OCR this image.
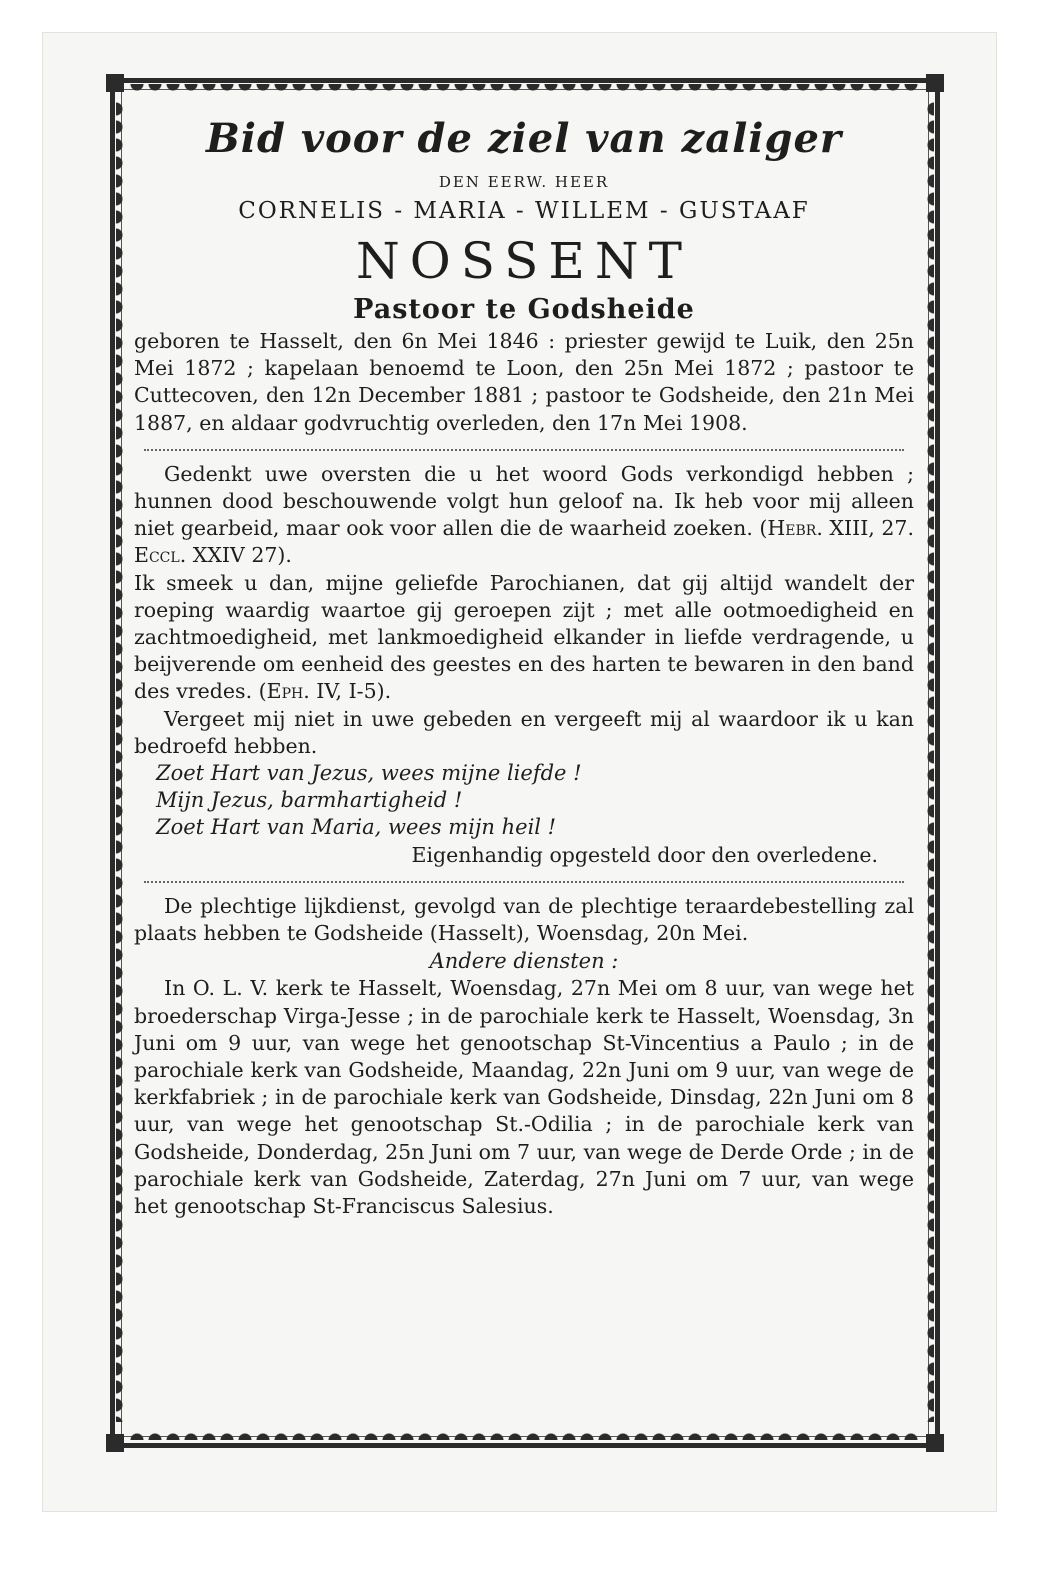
Bid voor de ziel van zaliger
DEN EERW. HEER
CORNELIS - MARIA - WILLEM - GUSTAAF
NOSSENT
Pastoor te Godsheide

geboren te Hasselt, den 6n Mei 1846 : priester gewijd te Luik, den 25n Mei 1872 ; kapelaan benoemd te Loon, den 25n Mei 1872 ; pastoor te Cuttecoven, den 12n December 1881 ; pastoor te Godsheide, den 21n Mei 1887, en aldaar godvruchtig overleden, den 17n Mei 1908.

Gedenkt uwe oversten die u het woord Gods verkondigd hebben ; hunnen dood beschouwende volgt hun geloof na. Ik heb voor mij alleen niet gearbeid, maar ook voor allen die de waarheid zoeken. (Hebr. XIII, 27. Eccl. XXIV 27).

Ik smeek u dan, mijne geliefde Parochianen, dat gij altijd wandelt der roeping waardig waartoe gij geroepen zijt ; met alle ootmoedigheid en zachtmoedigheid, met lankmoedigheid elkander in liefde verdragende, u beijverende om eenheid des geestes en des harten te bewaren in den band des vredes. (Eph. IV, I-5).

Vergeet mij niet in uwe gebeden en vergeeft mij al waardoor ik u kan bedroefd hebben.

Zoet Hart van Jezus, wees mijne liefde !
Mijn Jezus, barmhartigheid !
Zoet Hart van Maria, wees mijn heil !
Eigenhandig opgesteld door den overledene.

De plechtige lijkdienst, gevolgd van de plechtige teraardebestelling zal plaats hebben te Godsheide (Hasselt), Woensdag, 20n Mei.

Andere diensten :

In O. L. V. kerk te Hasselt, Woensdag, 27n Mei om 8 uur, van wege het broederschap Virga-Jesse ; in de parochiale kerk te Hasselt, Woensdag, 3n Juni om 9 uur, van wege het genootschap St-Vincentius a Paulo ; in de parochiale kerk van Godsheide, Maandag, 22n Juni om 9 uur, van wege de kerkfabriek ; in de parochiale kerk van Godsheide, Dinsdag, 22n Juni om 8 uur, van wege het genootschap St.-Odilia ; in de parochiale kerk van Godsheide, Donderdag, 25n Juni om 7 uur, van wege de Derde Orde ; in de parochiale kerk van Godsheide, Zaterdag, 27n Juni om 7 uur, van wege het genootschap St-Franciscus Salesius.
